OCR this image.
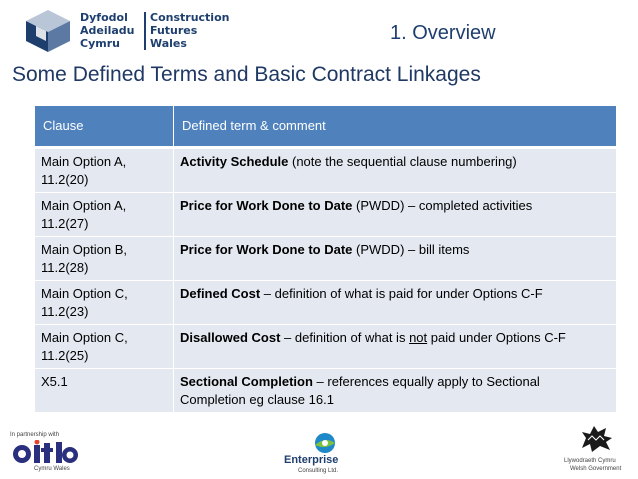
Dyfodol
Adeiladu
Cymru
Construction
Futures
Wales	1. Overview
Some Defined Terms and Basic Contract Linkages
Clause	Defined term & comment

Main Option A,
11.2(20)	Activity Schedule (note the sequential clause numbering)

Main Option A,
11.2(27)	Price for Work Done to Date (PWDD) – completed activities

Main Option B,
11.2(28)	Price for Work Done to Date (PWDD) – bill items

Main Option C,
11.2(23)	Defined Cost – definition of what is paid for under Options C-F

Main Option C,
11.2(25)	Disallowed Cost – definition of what is not paid under Options C-F

X5.1	Sectional Completion – references equally apply to Sectional
Completion eg clause 16.1
In partnership with
Cymru Wales
Enterprise
Consulting Ltd.
Llywodraeth Cymru
Welsh Government
